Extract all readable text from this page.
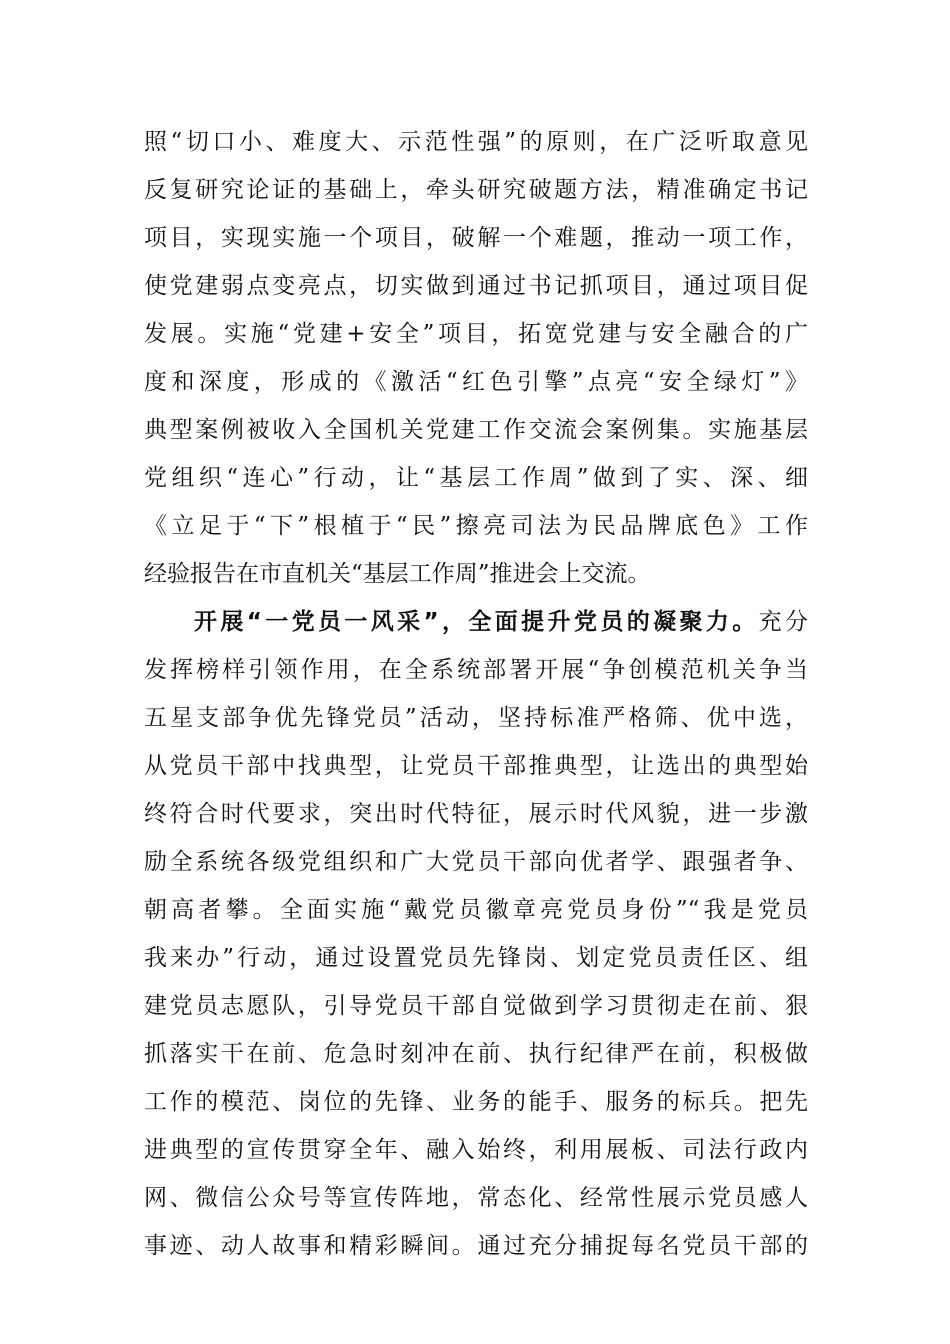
照“切口小、难度大、示范性强”的原则，在广泛听取意见
反复研究论证的基础上，牵头研究破题方法，精准确定书记
项目，实现实施一个项目，破解一个难题，推动一项工作，
使党建弱点变亮点，切实做到通过书记抓项目，通过项目促
发展。实施“党建+安全”项目，拓宽党建与安全融合的广
度和深度，形成的《激活“红色引擎”点亮“安全绿灯”》
典型案例被收入全国机关党建工作交流会案例集。实施基层
党组织“连心”行动，让“基层工作周”做到了实、深、细
《立足于“下”根植于“民”擦亮司法为民品牌底色》工作
经验报告在市直机关“基层工作周”推进会上交流。
开展“一党员一风采”，全面提升党员的凝聚力。充分
发挥榜样引领作用，在全系统部署开展“争创模范机关争当
五星支部争优先锋党员”活动，坚持标准严格筛、优中选，
从党员干部中找典型，让党员干部推典型，让选出的典型始
终符合时代要求，突出时代特征，展示时代风貌，进一步激
励全系统各级党组织和广大党员干部向优者学、跟强者争、
朝高者攀。全面实施“戴党员徽章亮党员身份”“我是党员
我来办”行动，通过设置党员先锋岗、划定党员责任区、组
建党员志愿队，引导党员干部自觉做到学习贯彻走在前、狠
抓落实干在前、危急时刻冲在前、执行纪律严在前，积极做
工作的模范、岗位的先锋、业务的能手、服务的标兵。把先
进典型的宣传贯穿全年、融入始终，利用展板、司法行政内
网、微信公众号等宣传阵地，常态化、经常性展示党员感人
事迹、动人故事和精彩瞬间。通过充分捕捉每名党员干部的
